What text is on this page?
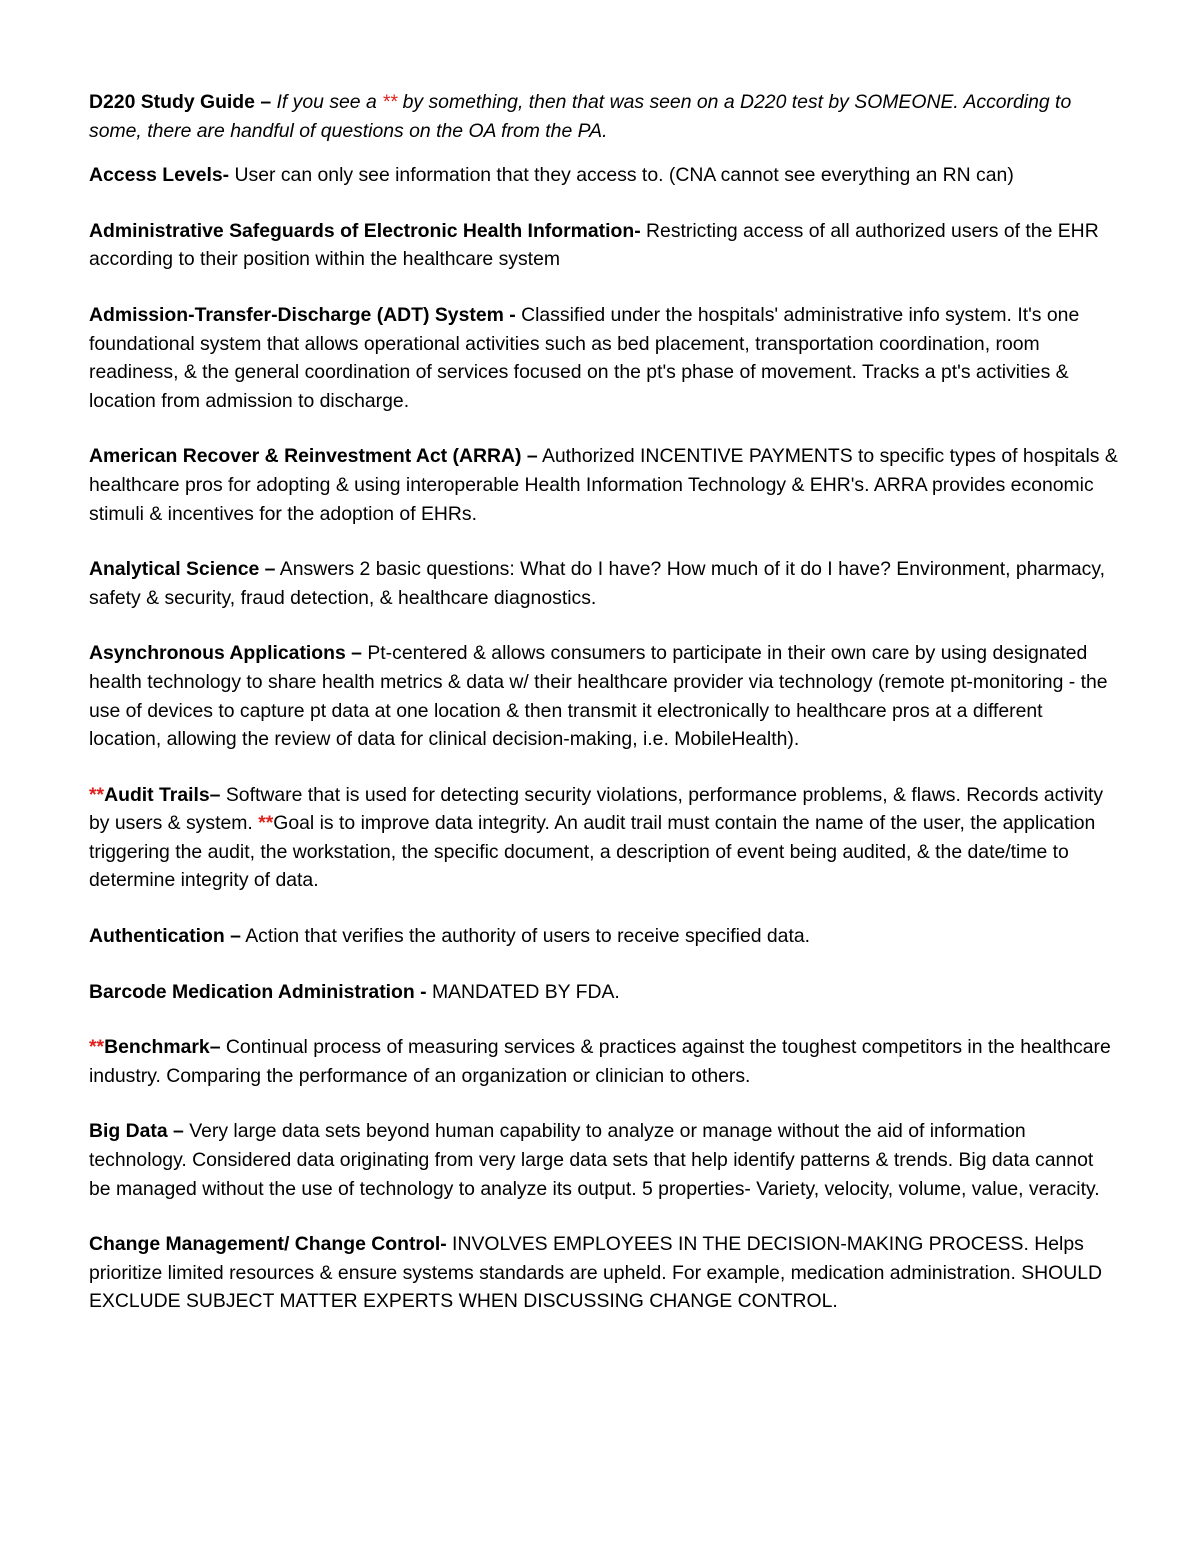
D220 Study Guide – If you see a ** by something, then that was seen on a D220 test by SOMEONE. According to some, there are handful of questions on the OA from the PA.

Access Levels- User can only see information that they access to. (CNA cannot see everything an RN can)

Administrative Safeguards of Electronic Health Information- Restricting access of all authorized users of the EHR according to their position within the healthcare system

Admission-Transfer-Discharge (ADT) System - Classified under the hospitals' administrative info system. It's one foundational system that allows operational activities such as bed placement, transportation coordination, room readiness, & the general coordination of services focused on the pt's phase of movement. Tracks a pt's activities & location from admission to discharge.

American Recover & Reinvestment Act (ARRA) – Authorized INCENTIVE PAYMENTS to specific types of hospitals & healthcare pros for adopting & using interoperable Health Information Technology & EHR's. ARRA provides economic stimuli & incentives for the adoption of EHRs.

Analytical Science – Answers 2 basic questions: What do I have? How much of it do I have? Environment, pharmacy, safety & security, fraud detection, & healthcare diagnostics.

Asynchronous Applications – Pt-centered & allows consumers to participate in their own care by using designated health technology to share health metrics & data w/ their healthcare provider via technology (remote pt-monitoring - the use of devices to capture pt data at one location & then transmit it electronically to healthcare pros at a different location, allowing the review of data for clinical decision-making, i.e. MobileHealth).

**Audit Trails– Software that is used for detecting security violations, performance problems, & flaws. Records activity by users & system. **Goal is to improve data integrity. An audit trail must contain the name of the user, the application triggering the audit, the workstation, the specific document, a description of event being audited, & the date/time to determine integrity of data.

Authentication – Action that verifies the authority of users to receive specified data.

Barcode Medication Administration - MANDATED BY FDA.

**Benchmark– Continual process of measuring services & practices against the toughest competitors in the healthcare industry. Comparing the performance of an organization or clinician to others.

Big Data – Very large data sets beyond human capability to analyze or manage without the aid of information technology. Considered data originating from very large data sets that help identify patterns & trends. Big data cannot be managed without the use of technology to analyze its output. 5 properties- Variety, velocity, volume, value, veracity.

Change Management/ Change Control- INVOLVES EMPLOYEES IN THE DECISION-MAKING PROCESS. Helps prioritize limited resources & ensure systems standards are upheld. For example, medication administration. SHOULD EXCLUDE SUBJECT MATTER EXPERTS WHEN DISCUSSING CHANGE CONTROL.
